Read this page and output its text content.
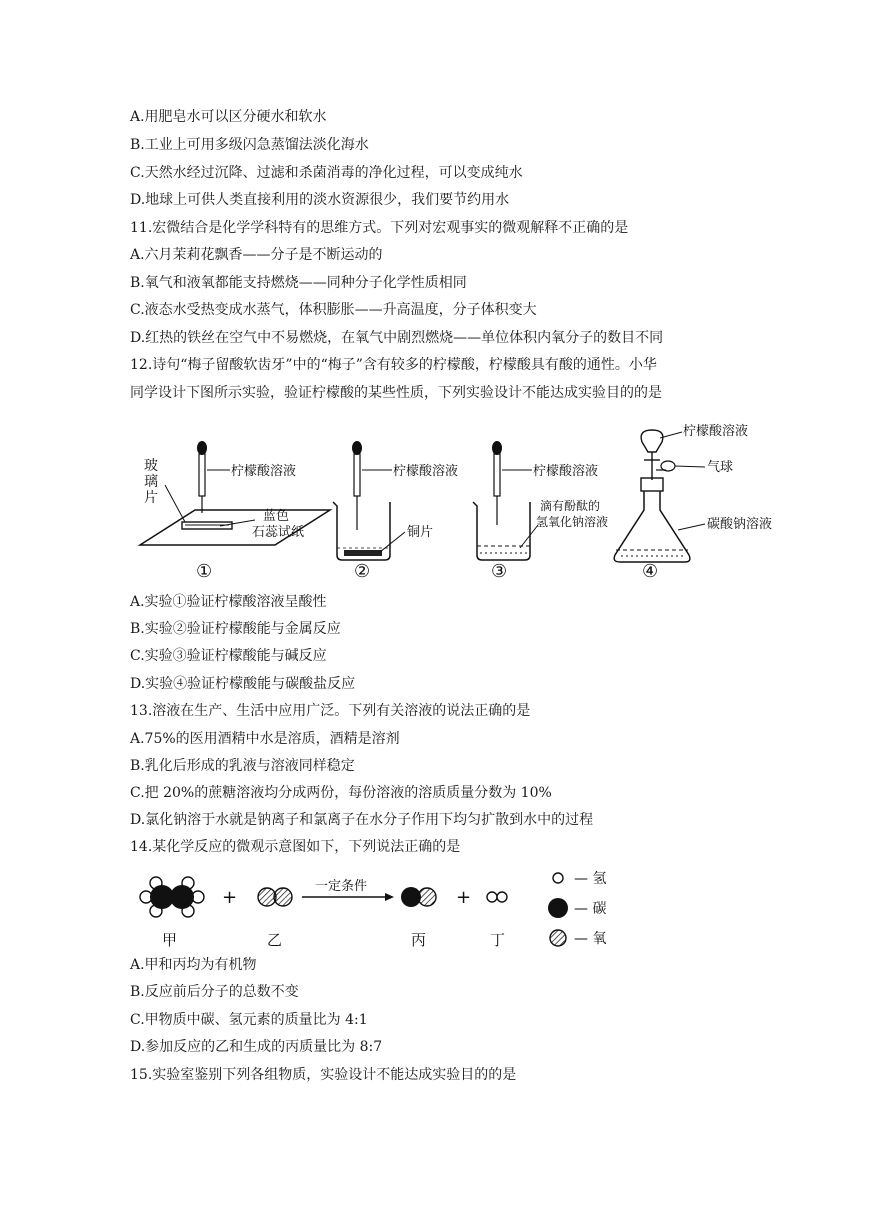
A.用肥皂水可以区分硬水和软水
B.工业上可用多级闪急蒸馏法淡化海水
C.天然水经过沉降、过滤和杀菌消毒的净化过程，可以变成纯水
D.地球上可供人类直接利用的淡水资源很少，我们要节约用水
11.宏微结合是化学学科特有的思维方式。下列对宏观事实的微观解释不正确的是
A.六月茉莉花飘香——分子是不断运动的
B.氧气和液氧都能支持燃烧——同种分子化学性质相同
C.液态水受热变成水蒸气，体积膨胀——升高温度，分子体积变大
D.红热的铁丝在空气中不易燃烧，在氧气中剧烈燃烧——单位体积内氧分子的数目不同
12.诗句“梅子留酸软齿牙”中的“梅子”含有较多的柠檬酸，柠檬酸具有酸的通性。小华
同学设计下图所示实验，验证柠檬酸的某些性质，下列实验设计不能达成实验目的的是
玻
璃
片
柠檬酸溶液
蓝色
石蕊试纸
①
柠檬酸溶液
铜片
②
柠檬酸溶液
滴有酚酞的
氢氧化钠溶液
③
柠檬酸溶液
气球
碳酸钠溶液
④
A.实验①验证柠檬酸溶液呈酸性
B.实验②验证柠檬酸能与金属反应
C.实验③验证柠檬酸能与碱反应
D.实验④验证柠檬酸能与碳酸盐反应
13.溶液在生产、生活中应用广泛。下列有关溶液的说法正确的是
A.75%的医用酒精中水是溶质，酒精是溶剂
B.乳化后形成的乳液与溶液同样稳定
C.把 20%的蔗糖溶液均分成两份，每份溶液的溶质质量分数为 10%
D.氯化钠溶于水就是钠离子和氯离子在水分子作用下均匀扩散到水中的过程
14.某化学反应的微观示意图如下，下列说法正确的是
+
一定条件
+
甲	乙	丙	丁
— 氢
— 碳
— 氧
A.甲和丙均为有机物
B.反应前后分子的总数不变
C.甲物质中碳、氢元素的质量比为 4:1
D.参加反应的乙和生成的丙质量比为 8:7
15.实验室鉴别下列各组物质，实验设计不能达成实验目的的是
